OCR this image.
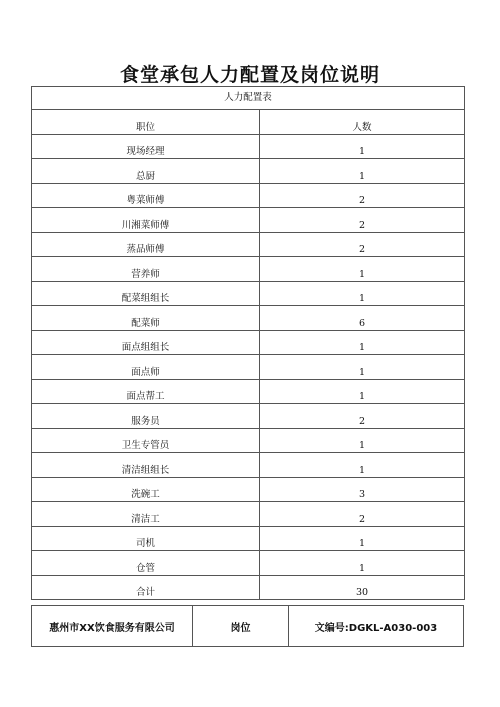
食堂承包人力配置及岗位说明
人力配置表	
职位	人数
现场经理	1
总厨	1
粤菜师傅	2
川湘菜师傅	2
蒸品师傅	2
营养师	1
配菜组组长	1
配菜师	6
面点组组长	1
面点师	1
面点帮工	1
服务员	2
卫生专管员	1
清洁组组长	1
洗碗工	3
清洁工	2
司机	1
仓管	1
合计	30
惠州市XX饮食服务有限公司	岗位	文编号:DGKL-A030-003
